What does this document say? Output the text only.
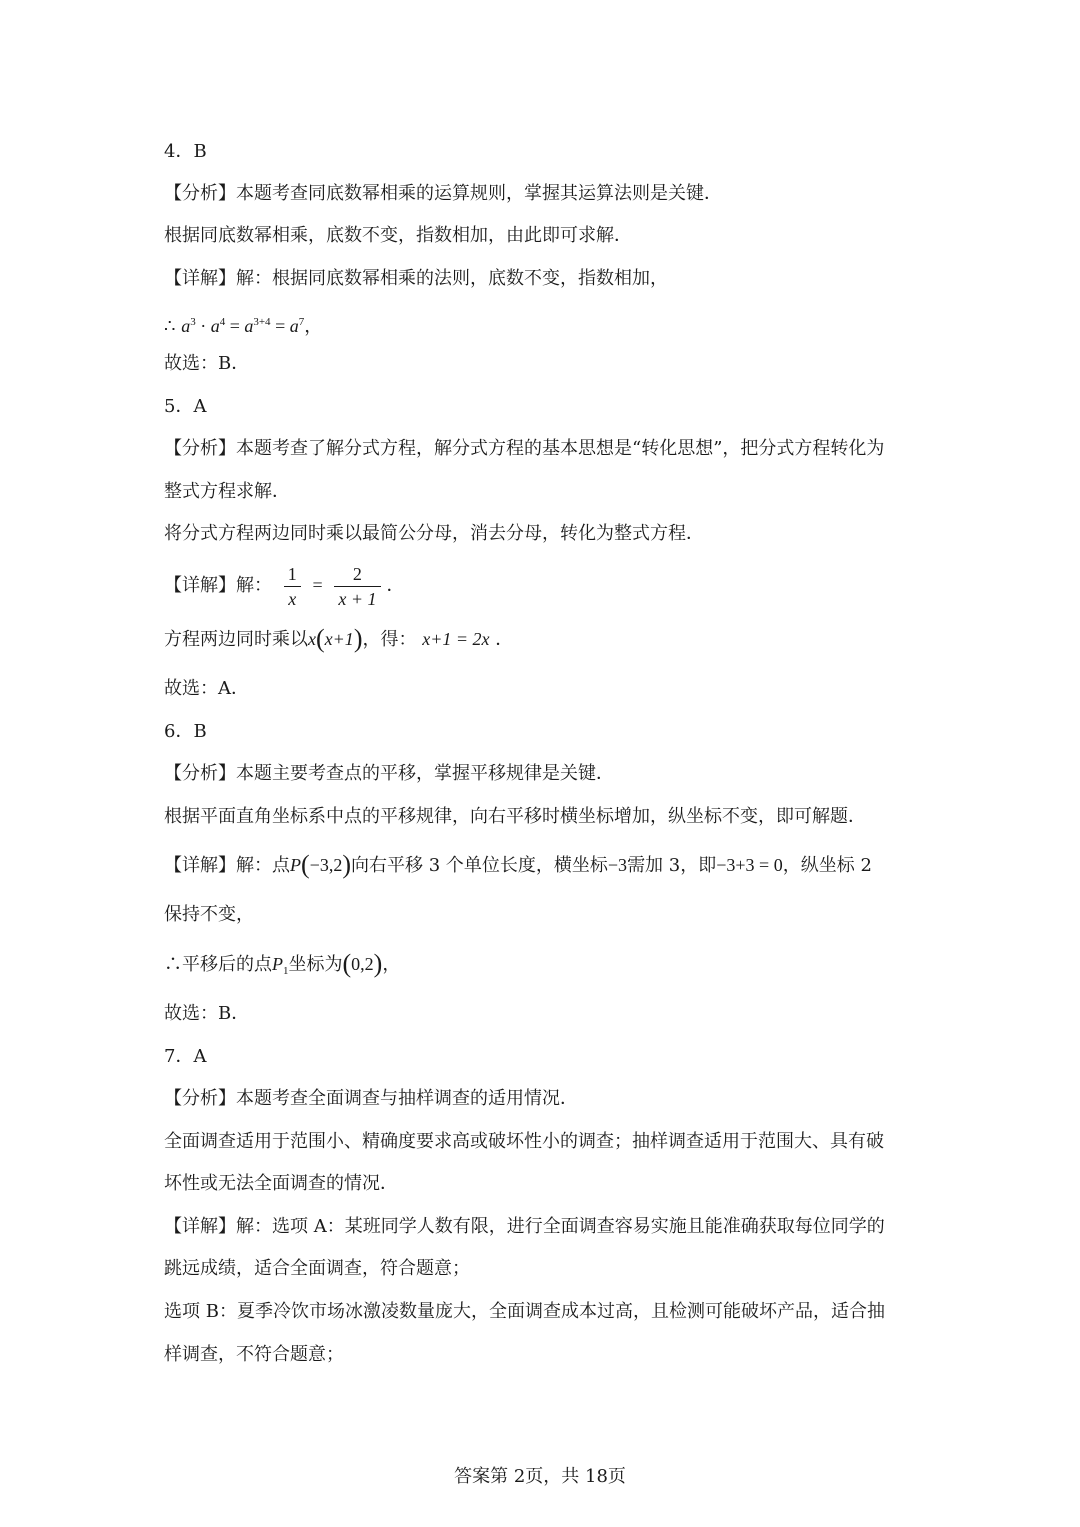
4．B
【分析】本题考查同底数幂相乘的运算规则，掌握其运算法则是关键．
根据同底数幂相乘，底数不变，指数相加，由此即可求解．
【详解】解：根据同底数幂相乘的法则，底数不变，指数相加，
∴ $a^3 \cdot a^4 = a^{3+4} = a^7$，
故选：B．
5．A
【分析】本题考查了解分式方程，解分式方程的基本思想是“转化思想”，把分式方程转化为
整式方程求解．
将分式方程两边同时乘以最简公分母，消去分母，转化为整式方程．
【详解】解： $\frac{1}{x} = \frac{2}{x + 1}$ ．
方程两边同时乘以x(x+1)，得： x+1 = 2x ．
故选：A．
6．B
【分析】本题主要考查点的平移，掌握平移规律是关键．
根据平面直角坐标系中点的平移规律，向右平移时横坐标增加，纵坐标不变，即可解题．
【详解】解：点P(−3,2)向右平移 3 个单位长度，横坐标−3需加 3，即−3+3 = 0，纵坐标 2
保持不变，
∴平移后的点$P_1$坐标为(0,2)，
故选：B．
7．A
【分析】本题考查全面调查与抽样调查的适用情况．
全面调查适用于范围小、精确度要求高或破坏性小的调查；抽样调查适用于范围大、具有破
坏性或无法全面调查的情况．
【详解】解：选项 A：某班同学人数有限，进行全面调查容易实施且能准确获取每位同学的
跳远成绩，适合全面调查，符合题意；
选项 B：夏季冷饮市场冰激凌数量庞大，全面调查成本过高，且检测可能破坏产品，适合抽
样调查，不符合题意；
答案第 2页，共 18页
